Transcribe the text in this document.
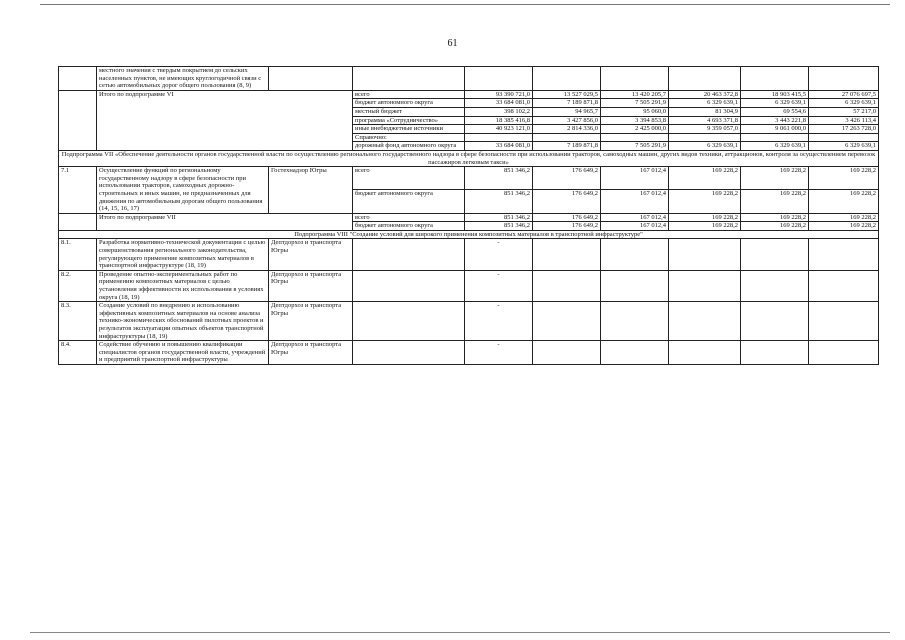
61
	местного значения с твердым покрытием до сельских населенных пунктов, не имеющих круглогодичной связи с сетью автомобильных дорог общего пользования (8, 9)								
	Итого по подпрограмме VI		всего	93 390 721,0	13 527 029,5	13 420 205,7	20 463 372,8	18 903 415,5	27 076 697,5
			бюджет автономного округа	33 684 081,0	7 189 871,8	7 505 291,9	6 329 639,1	6 329 639,1	6 329 639,1
			местный бюджет	398 102,2	94 965,7	95 060,0	81 304,9	69 554,6	57 217,0
			программа «Сотрудничество»	18 385 416,8	3 427 856,0	3 394 853,8	4 693 371,8	3 443 221,8	3 426 113,4
			иные внебюджетные источники	40 923 121,0	2 814 336,0	2 425 000,0	9 359 057,0	9 061 000,0	17 263 728,0
			Справочно:						
			дорожный фонд автономного округа	33 684 081,0	7 189 871,8	7 505 291,9	6 329 639,1	6 329 639,1	6 329 639,1
Подпрограмма VII «Обеспечение деятельности органов государственной власти по осуществлению регионального государственного надзора в сфере безопасности при использовании тракторов, самоходных машин, других видов техники, аттракционов, контроля за осуществлением перевозок пассажиров легковым такси»									
7.1	Осуществление функций по региональному государственному надзору в сфере безопасности при использовании тракторов, самоходных дорожно-строительных и иных машин, не предназначенных для движения по автомобильным дорогам общего пользования (14, 15, 16, 17)	Гостехнадзор Югры	всего	851 346,2	176 649,2	167 012,4	169 228,2	169 228,2	169 228,2
			бюджет автономного округа	851 346,2	176 649,2	167 012,4	169 228,2	169 228,2	169 228,2
	Итого по подпрограмме VII		всего	851 346,2	176 649,2	167 012,4	169 228,2	169 228,2	169 228,2
			бюджет автономного округа	851 346,2	176 649,2	167 012,4	169 228,2	169 228,2	169 228,2
Подпрограмма VIII "Создание условий для широкого применения композитных материалов в транспортной инфраструктуре"									
8.1.	Разработка нормативно-технической документации с целью совершенствования регионального законодательства, регулирующего применение композитных материалов в транспортной инфраструктуре (18, 19)	Дептдорхоз и транспорта Югры		-					
8.2.	Проведение опытно-экспериментальных работ по применению композитных материалов с целью установления эффективности их использования в условиях округа (18, 19)	Дептдорхоз и транспорта Югры		-					
8.3.	Создание условий по внедрению и использованию эффективных композитных материалов на основе анализа технико-экономических обоснований пилотных проектов и результатов эксплуатации опытных объектов транспортной инфраструктуры (18, 19)	Дептдорхоз и транспорта Югры		-					
8.4.	Содействие обучению и повышению квалификации специалистов органов государственной власти, учреждений и предприятий транспортной инфраструктуры	Дептдорхоз и транспорта Югры		-					
